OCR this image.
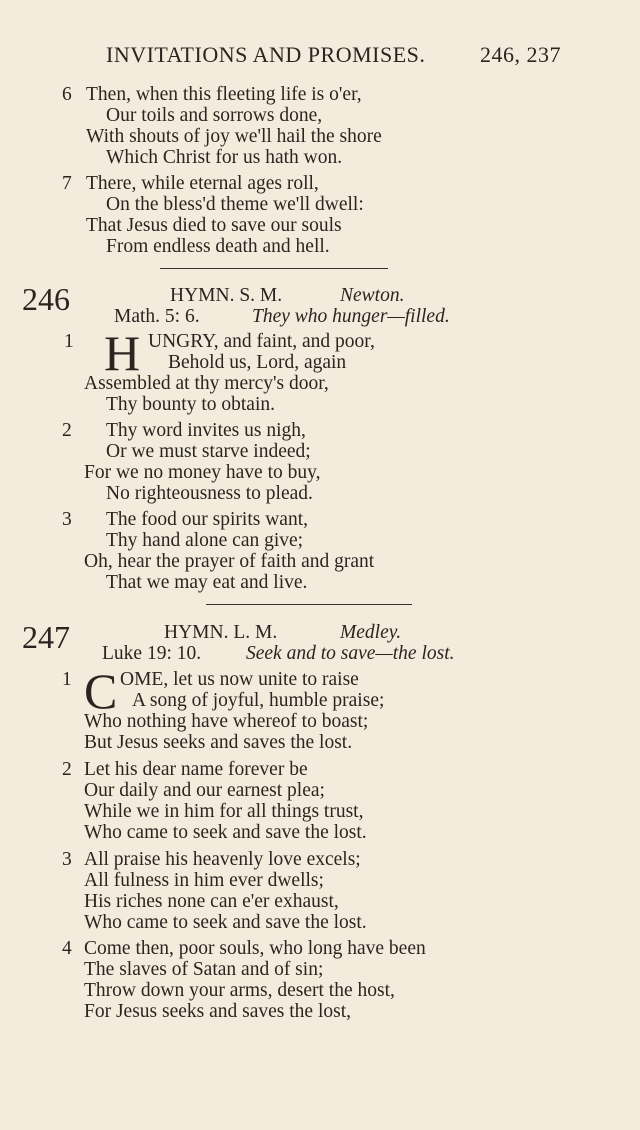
INVITATIONS AND PROMISES. 246, 237
6 Then, when this fleeting life is o'er,
Our toils and sorrows done,
With shouts of joy we'll hail the shore
Which Christ for us hath won.
7 There, while eternal ages roll,
On the bless'd theme we'll dwell:
That Jesus died to save our souls
From endless death and hell.
246	HYMN. S. M.	Newton.
Math. 5: 6.	They who hunger—filled.
1 H UNGRY, and faint, and poor,
Behold us, Lord, again
Assembled at thy mercy's door,
Thy bounty to obtain.
2 Thy word invites us nigh,
Or we must starve indeed;
For we no money have to buy,
No righteousness to plead.
3 The food our spirits want,
Thy hand alone can give;
Oh, hear the prayer of faith and grant
That we may eat and live.
247	HYMN. L. M.	Medley.
Luke 19: 10. Seek and to save—the lost.
1 C OME, let us now unite to raise
A song of joyful, humble praise;
Who nothing have whereof to boast;
But Jesus seeks and saves the lost.
2 Let his dear name forever be
Our daily and our earnest plea;
While we in him for all things trust,
Who came to seek and save the lost.
3 All praise his heavenly love excels;
All fulness in him ever dwells;
His riches none can e'er exhaust,
Who came to seek and save the lost.
4 Come then, poor souls, who long have been
The slaves of Satan and of sin;
Throw down your arms, desert the host,
For Jesus seeks and saves the lost,
